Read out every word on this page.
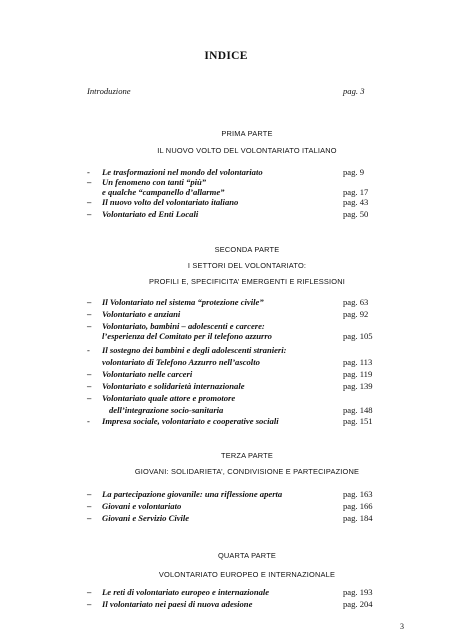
INDICE
Introduzione	pag. 3
PRIMA PARTE
IL NUOVO VOLTO DEL VOLONTARIATO ITALIANO
- Le trasformazioni nel mondo del volontariato	pag. 9
– Un fenomeno con tanti “più”
e qualche “campanello d’allarme”	pag. 17
– Il nuovo volto del volontariato italiano	pag. 43
– Volontariato ed Enti Locali	pag. 50
SECONDA PARTE
I SETTORI DEL VOLONTARIATO:
PROFILI E, SPECIFICITA’ EMERGENTI E RIFLESSIONI
– Il Volontariato nel sistema “protezione civile”	pag. 63
– Volontariato e anziani	pag. 92
– Volontariato, bambini – adolescenti e carcere:
l’esperienza del Comitato per il telefono azzurro	pag. 105
- Il sostegno dei bambini e degli adolescenti stranieri:
volontariato di Telefono Azzurro nell’ascolto	pag. 113
– Volontariato nelle carceri	pag. 119
– Volontariato e solidarietà internazionale	pag. 139
– Volontariato quale attore e promotore
dell’integrazione socio-sanitaria	pag. 148
- Impresa sociale, volontariato e cooperative sociali	pag. 151
TERZA PARTE
GIOVANI: SOLIDARIETA’, CONDIVISIONE E PARTECIPAZIONE
– La partecipazione giovanile: una riflessione aperta	pag. 163
– Giovani e volontariato	pag. 166
– Giovani e Servizio Civile	pag. 184
QUARTA PARTE
VOLONTARIATO EUROPEO E INTERNAZIONALE
– Le reti di volontariato europeo e internazionale	pag. 193
– Il volontariato nei paesi di nuova adesione	pag. 204
3
